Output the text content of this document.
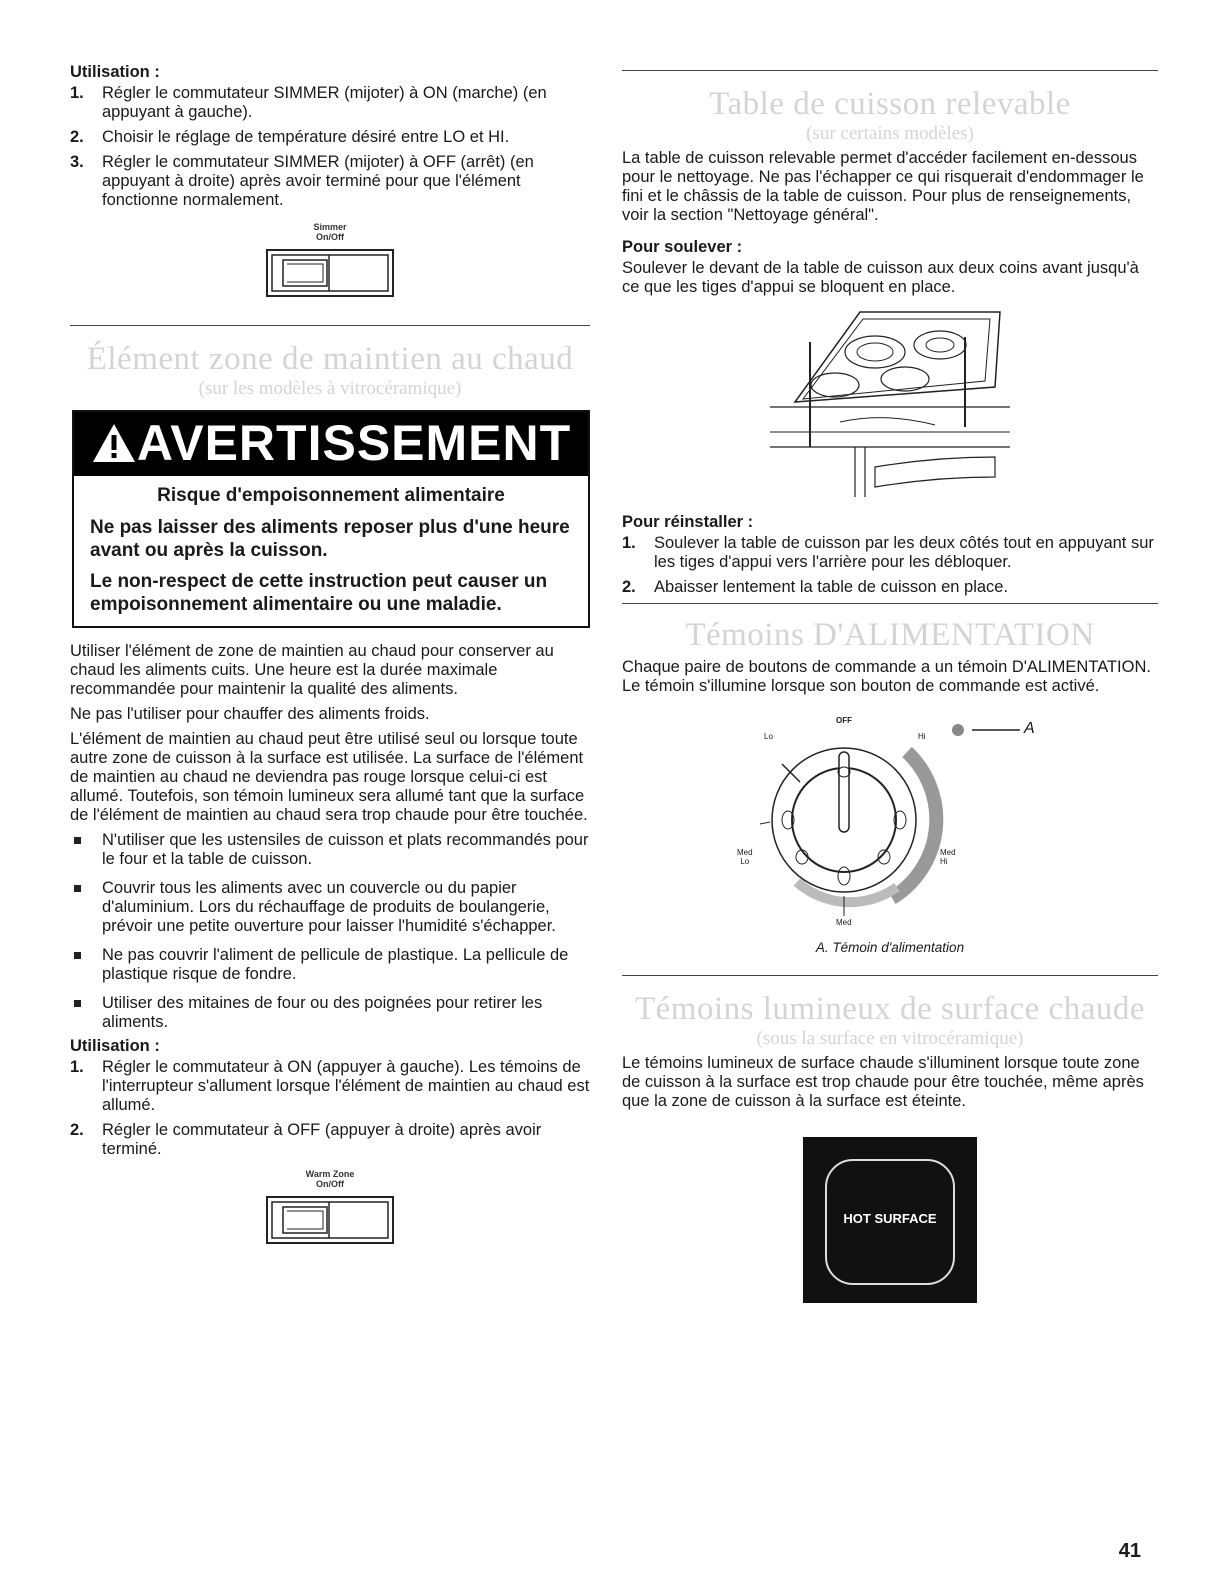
Utilisation :
1. Régler le commutateur SIMMER (mijoter) à ON (marche) (en appuyant à gauche).
2. Choisir le réglage de température désiré entre LO et HI.
3. Régler le commutateur SIMMER (mijoter) à OFF (arrêt) (en appuyant à droite) après avoir terminé pour que l'élément fonctionne normalement.
Simmer
On/Off
Élément zone de maintien au chaud
(sur les modèles à vitrocéramique)
AVERTISSEMENT
Risque d'empoisonnement alimentaire
Ne pas laisser des aliments reposer plus d'une heure avant ou après la cuisson.
Le non-respect de cette instruction peut causer un empoisonnement alimentaire ou une maladie.

Utiliser l'élément de zone de maintien au chaud pour conserver au chaud les aliments cuits. Une heure est la durée maximale recommandée pour maintenir la qualité des aliments.

Ne pas l'utiliser pour chauffer des aliments froids.

L'élément de maintien au chaud peut être utilisé seul ou lorsque toute autre zone de cuisson à la surface est utilisée. La surface de l'élément de maintien au chaud ne deviendra pas rouge lorsque celui-ci est allumé. Toutefois, son témoin lumineux sera allumé tant que la surface de l'élément de maintien au chaud sera trop chaude pour être touchée.

N'utiliser que les ustensiles de cuisson et plats recommandés pour le four et la table de cuisson.
Couvrir tous les aliments avec un couvercle ou du papier d'aluminium. Lors du réchauffage de produits de boulangerie, prévoir une petite ouverture pour laisser l'humidité s'échapper.
Ne pas couvrir l'aliment de pellicule de plastique. La pellicule de plastique risque de fondre.
Utiliser des mitaines de four ou des poignées pour retirer les aliments.
Utilisation :
1. Régler le commutateur à ON (appuyer à gauche). Les témoins de l'interrupteur s'allument lorsque l'élément de maintien au chaud est allumé.
2. Régler le commutateur à OFF (appuyer à droite) après avoir terminé.
Warm Zone
On/Off
Table de cuisson relevable
(sur certains modèles)

La table de cuisson relevable permet d'accéder facilement en-dessous pour le nettoyage. Ne pas l'échapper ce qui risquerait d'endommager le fini et le châssis de la table de cuisson. Pour plus de renseignements, voir la section "Nettoyage général".

Pour soulever :

Soulever le devant de la table de cuisson aux deux coins avant jusqu'à ce que les tiges d'appui se bloquent en place.

Pour réinstaller :
1. Soulever la table de cuisson par les deux côtés tout en appuyant sur les tiges d'appui vers l'arrière pour les débloquer.
2. Abaisser lentement la table de cuisson en place.
Témoins D'ALIMENTATION

Chaque paire de boutons de commande a un témoin D'ALIMENTATION. Le témoin s'illumine lorsque son bouton de commande est activé.

OFF
Lo	Hi
Med
Lo
Med
Hi
Med
A
A. Témoin d'alimentation
Témoins lumineux de surface chaude
(sous la surface en vitrocéramique)

Le témoins lumineux de surface chaude s'illuminent lorsque toute zone de cuisson à la surface est trop chaude pour être touchée, même après que la zone de cuisson à la surface est éteinte.

HOT SURFACE
41
